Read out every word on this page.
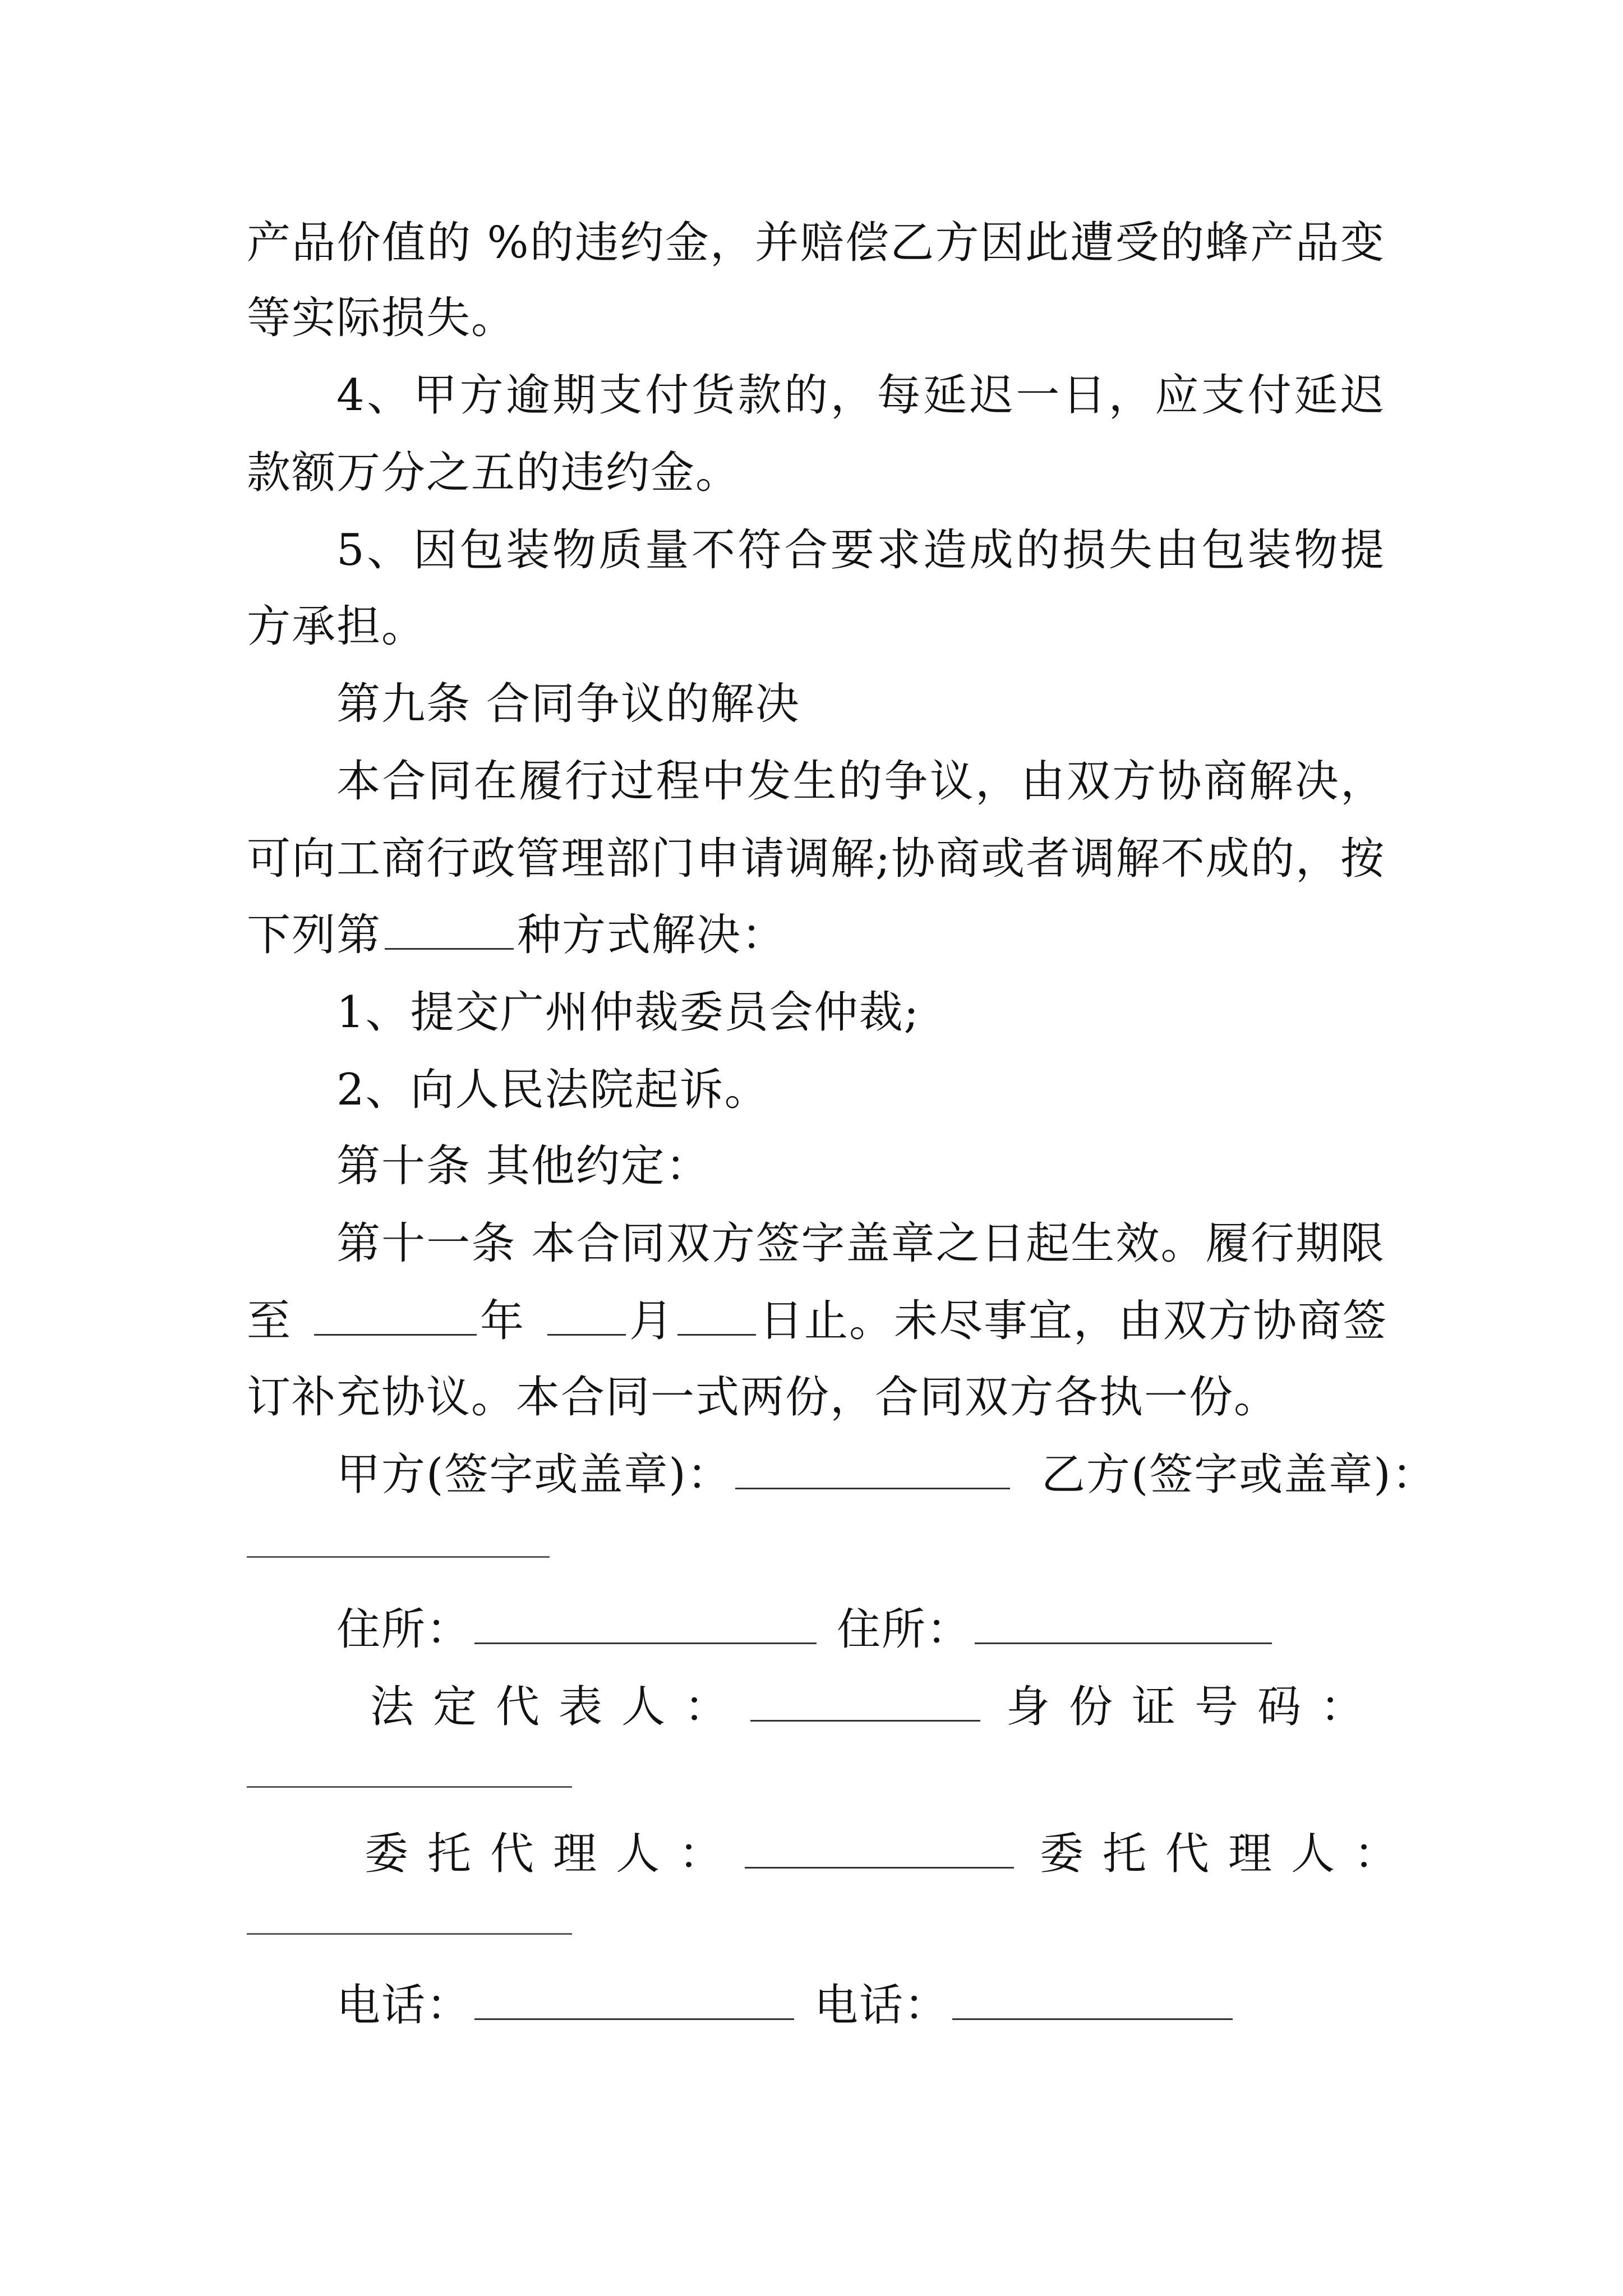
产品价值的 %的违约金，并赔偿乙方因此遭受的蜂产品变
等实际损失。
4、甲方逾期支付货款的，每延迟一日，应支付延迟
款额万分之五的违约金。
5、因包装物质量不符合要求造成的损失由包装物提
方承担。
第九条 合同争议的解决
本合同在履行过程中发生的争议，由双方协商解决，
可向工商行政管理部门申请调解;协商或者调解不成的，按
下列第	种方式解决：
1、提交广州仲裁委员会仲裁;
2、向人民法院起诉。
第十条 其他约定：
第十一条 本合同双方签字盖章之日起生效。履行期限
至	年 月 日止。未尽事宜，由双方协商签
订补充协议。本合同一式两份，合同双方各执一份。
甲方(签字或盖章)：	乙方(签字或盖章)：
住所：	住所：
法定代表人：	身份证号码：
委托代理人：	委托代理人：
电话：	电话：
